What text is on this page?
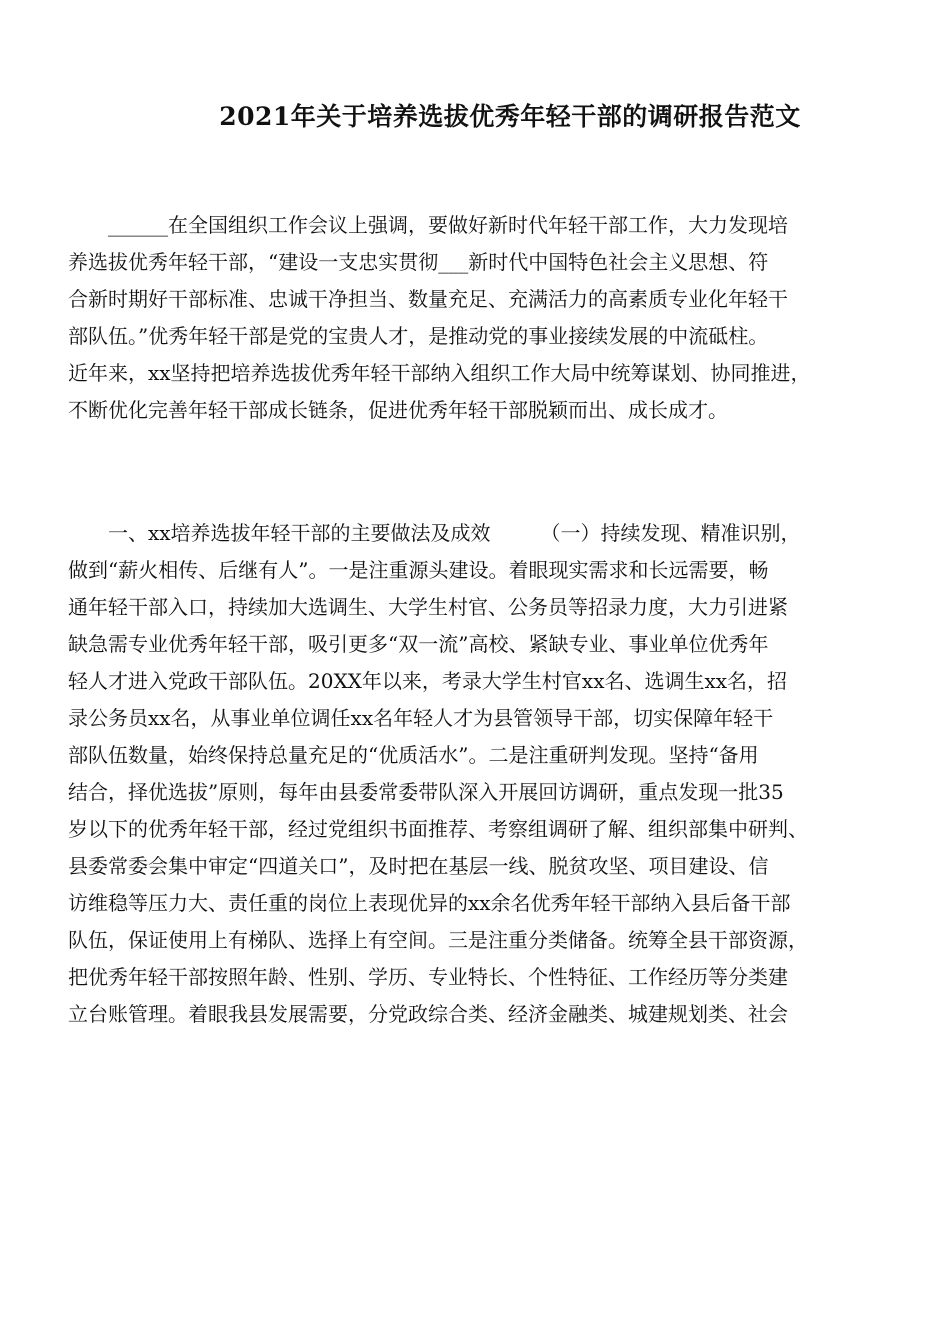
2021年关于培养选拔优秀年轻干部的调研报告范文
　　______在全国组织工作会议上强调，要做好新时代年轻干部工作，大力发现培
养选拔优秀年轻干部，“建设一支忠实贯彻___新时代中国特色社会主义思想、符
合新时期好干部标准、忠诚干净担当、数量充足、充满活力的高素质专业化年轻干
部队伍。”优秀年轻干部是党的宝贵人才，是推动党的事业接续发展的中流砥柱。
近年来，xx坚持把培养选拔优秀年轻干部纳入组织工作大局中统筹谋划、协同推进，
不断优化完善年轻干部成长链条，促进优秀年轻干部脱颖而出、成长成才。
　　一、xx培养选拔年轻干部的主要做法及成效　　　（一）持续发现、精准识别，
做到“薪火相传、后继有人”。一是注重源头建设。着眼现实需求和长远需要，畅
通年轻干部入口，持续加大选调生、大学生村官、公务员等招录力度，大力引进紧
缺急需专业优秀年轻干部，吸引更多“双一流”高校、紧缺专业、事业单位优秀年
轻人才进入党政干部队伍。20XX年以来，考录大学生村官xx名、选调生xx名，招
录公务员xx名，从事业单位调任xx名年轻人才为县管领导干部，切实保障年轻干
部队伍数量，始终保持总量充足的“优质活水”。二是注重研判发现。坚持“备用
结合，择优选拔”原则，每年由县委常委带队深入开展回访调研，重点发现一批35
岁以下的优秀年轻干部，经过党组织书面推荐、考察组调研了解、组织部集中研判、
县委常委会集中审定“四道关口”，及时把在基层一线、脱贫攻坚、项目建设、信
访维稳等压力大、责任重的岗位上表现优异的xx余名优秀年轻干部纳入县后备干部
队伍，保证使用上有梯队、选择上有空间。三是注重分类储备。统筹全县干部资源，
把优秀年轻干部按照年龄、性别、学历、专业特长、个性特征、工作经历等分类建
立台账管理。着眼我县发展需要，分党政综合类、经济金融类、城建规划类、社会
